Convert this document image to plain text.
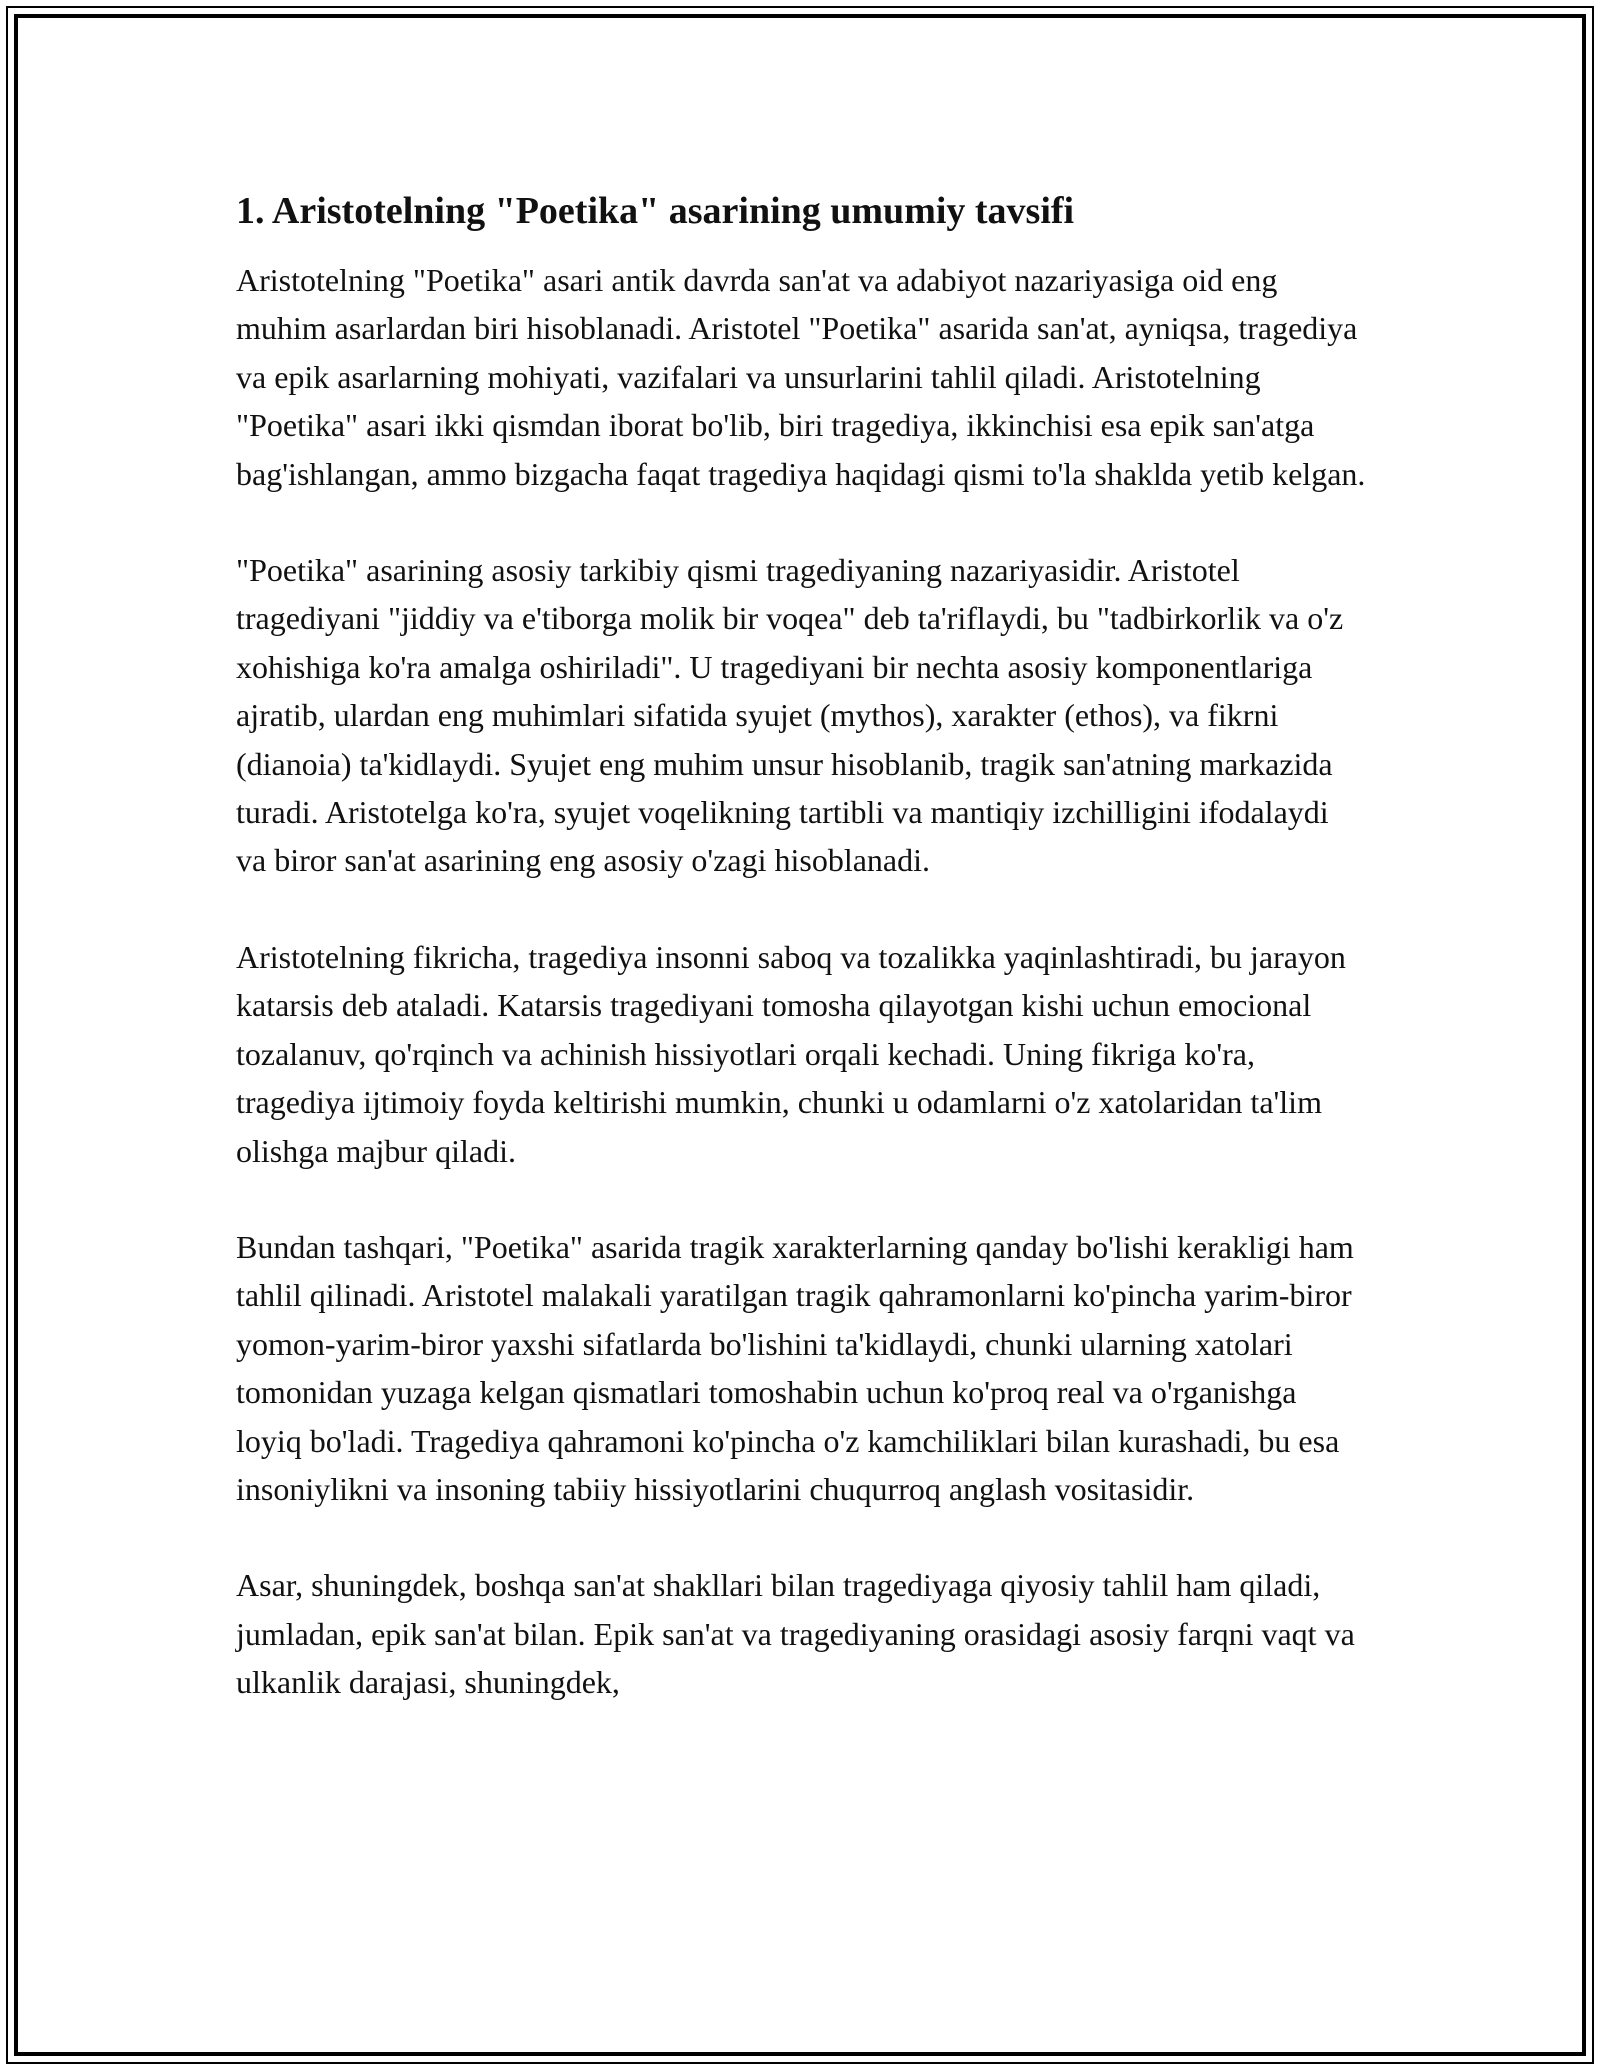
1. Aristotelning "Poetika" asarining umumiy tavsifi

Aristotelning "Poetika" asari antik davrda san'at va adabiyot nazariyasiga oid eng muhim asarlardan biri hisoblanadi. Aristotel "Poetika" asarida san'at, ayniqsa, tragediya va epik asarlarning mohiyati, vazifalari va unsurlarini tahlil qiladi. Aristotelning "Poetika" asari ikki qismdan iborat bo'lib, biri tragediya, ikkinchisi esa epik san'atga bag'ishlangan, ammo bizgacha faqat tragediya haqidagi qismi to'la shaklda yetib kelgan.

"Poetika" asarining asosiy tarkibiy qismi tragediyaning nazariyasidir. Aristotel tragediyani "jiddiy va e'tiborga molik bir voqea" deb ta'riflaydi, bu "tadbirkorlik va o'z xohishiga ko'ra amalga oshiriladi". U tragediyani bir nechta asosiy komponentlariga ajratib, ulardan eng muhimlari sifatida syujet (mythos), xarakter (ethos), va fikrni (dianoia) ta'kidlaydi. Syujet eng muhim unsur hisoblanib, tragik san'atning markazida turadi. Aristotelga ko'ra, syujet voqelikning tartibli va mantiqiy izchilligini ifodalaydi va biror san'at asarining eng asosiy o'zagi hisoblanadi.

Aristotelning fikricha, tragediya insonni saboq va tozalikka yaqinlashtiradi, bu jarayon katarsis deb ataladi. Katarsis tragediyani tomosha qilayotgan kishi uchun emocional tozalanuv, qo'rqinch va achinish hissiyotlari orqali kechadi. Uning fikriga ko'ra, tragediya ijtimoiy foyda keltirishi mumkin, chunki u odamlarni o'z xatolaridan ta'lim olishga majbur qiladi.

Bundan tashqari, "Poetika" asarida tragik xarakterlarning qanday bo'lishi kerakligi ham tahlil qilinadi. Aristotel malakali yaratilgan tragik qahramonlarni ko'pincha yarim-biror yomon-yarim-biror yaxshi sifatlarda bo'lishini ta'kidlaydi, chunki ularning xatolari tomonidan yuzaga kelgan qismatlari tomoshabin uchun ko'proq real va o'rganishga loyiq bo'ladi. Tragediya qahramoni ko'pincha o'z kamchiliklari bilan kurashadi, bu esa insoniylikni va insoning tabiiy hissiyotlarini chuqurroq anglash vositasidir.

Asar, shuningdek, boshqa san'at shakllari bilan tragediyaga qiyosiy tahlil ham qiladi, jumladan, epik san'at bilan. Epik san'at va tragediyaning orasidagi asosiy farqni vaqt va ulkanlik darajasi, shuningdek,
